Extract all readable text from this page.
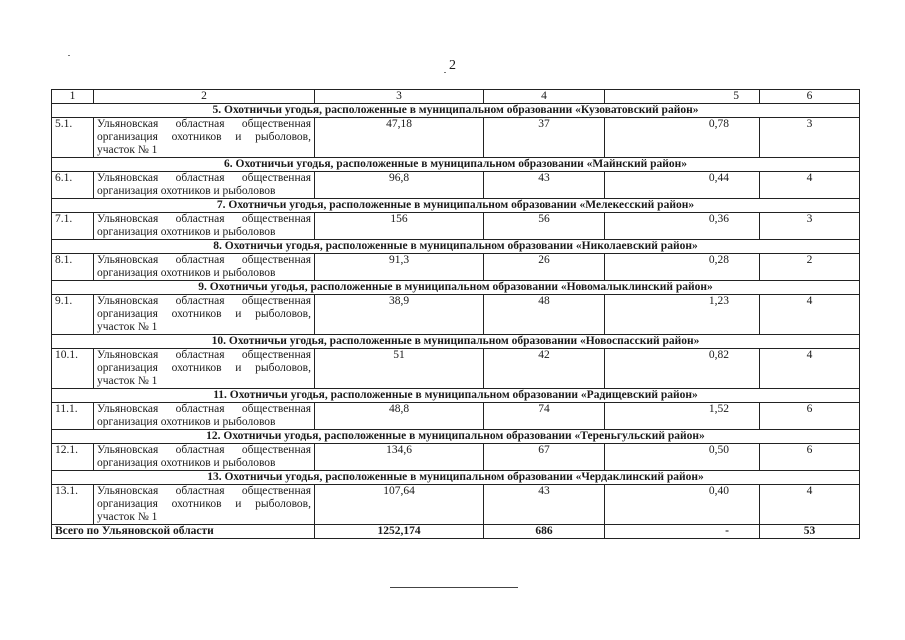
2
1	2	3	4	5	6
5. Охотничьи угодья, расположенные в муниципальном образовании «Кузоватовский район»					
5.1.	Ульяновская областная общественная организация охотников и рыболовов, участок № 1	47,18	37	0,78	3
6. Охотничьи угодья, расположенные в муниципальном образовании «Майнский район»					
6.1.	Ульяновская областная общественная организация охотников и рыболовов	96,8	43	0,44	4
7. Охотничьи угодья, расположенные в муниципальном образовании «Мелекесский район»					
7.1.	Ульяновская областная общественная организация охотников и рыболовов	156	56	0,36	3
8. Охотничьи угодья, расположенные в муниципальном образовании «Николаевский район»					
8.1.	Ульяновская областная общественная организация охотников и рыболовов	91,3	26	0,28	2
9. Охотничьи угодья, расположенные в муниципальном образовании «Новомалыклинский район»					
9.1.	Ульяновская областная общественная организация охотников и рыболовов, участок № 1	38,9	48	1,23	4
10. Охотничьи угодья, расположенные в муниципальном образовании «Новоспасский район»					
10.1.	Ульяновская областная общественная организация охотников и рыболовов, участок № 1	51	42	0,82	4
11. Охотничьи угодья, расположенные в муниципальном образовании «Радищевский район»					
11.1.	Ульяновская областная общественная организация охотников и рыболовов	48,8	74	1,52	6
12. Охотничьи угодья, расположенные в муниципальном образовании «Тереньгульский район»					
12.1.	Ульяновская областная общественная организация охотников и рыболовов	134,6	67	0,50	6
13. Охотничьи угодья, расположенные в муниципальном образовании «Чердаклинский район»					
13.1.	Ульяновская областная общественная организация охотников и рыболовов, участок № 1	107,64	43	0,40	4
Всего по Ульяновской области		1252,174	686	-	53
